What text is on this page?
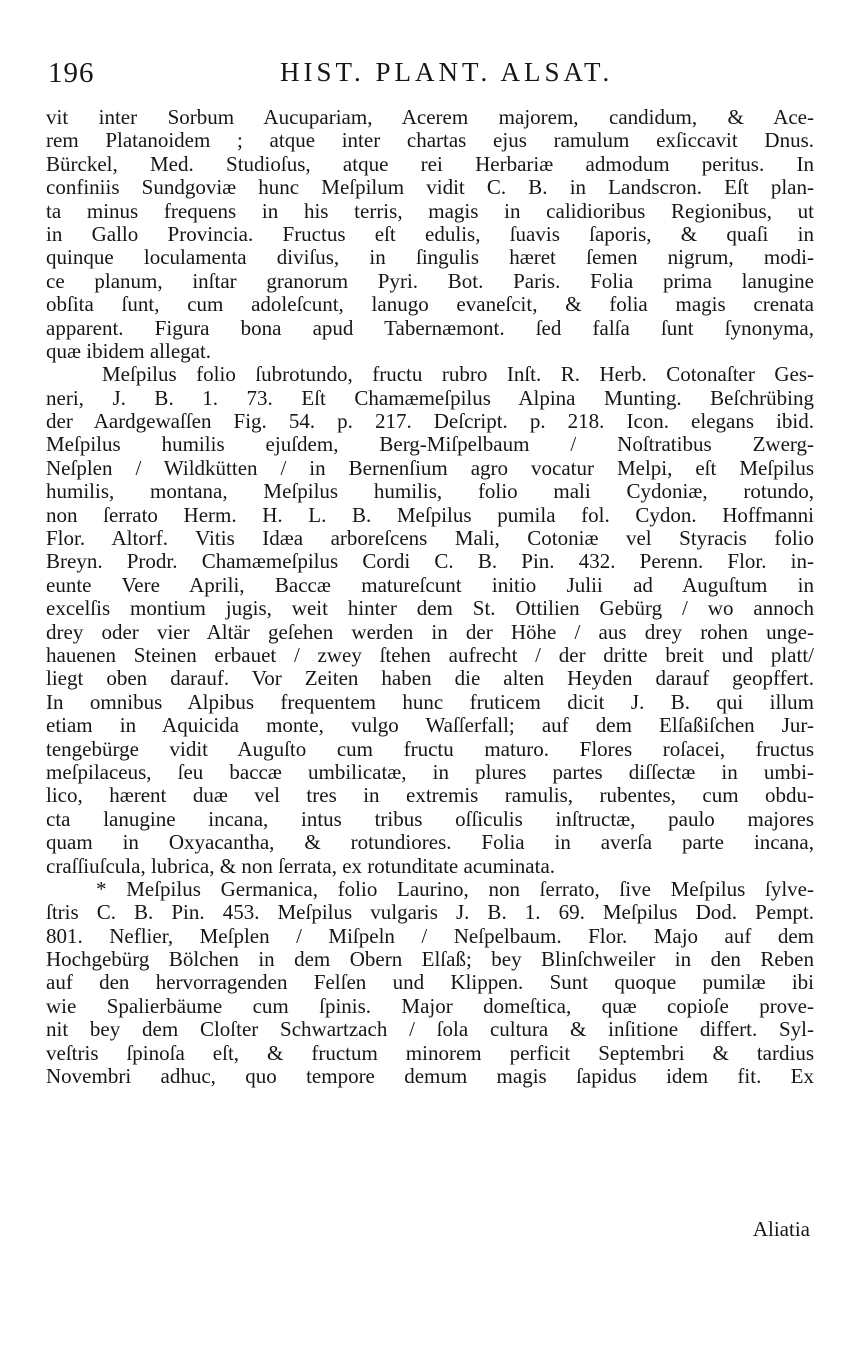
196	HIST. PLANT. ALSAT.
vit inter Sorbum Aucupariam, Acerem majorem, candidum, & Ace-
rem Platanoidem ; atque inter chartas ejus ramulum exſiccavit Dnus.
Bürckel, Med. Studioſus, atque rei Herbariæ admodum peritus. In
confiniis Sundgoviæ hunc Meſpilum vidit C. B. in Landscron. Eſt plan-
ta minus frequens in his terris, magis in calidioribus Regionibus, ut
in Gallo Provincia. Fructus eſt edulis, ſuavis ſaporis, & quaſi in
quinque loculamenta diviſus, in ſingulis hæret ſemen nigrum, modi-
ce planum, inſtar granorum Pyri. Bot. Paris. Folia prima lanugine
obſita ſunt, cum adoleſcunt, lanugo evaneſcit, & folia magis crenata
apparent. Figura bona apud Tabernæmont. ſed falſa ſunt ſynonyma,
quæ ibidem allegat.
Meſpilus folio ſubrotundo, fructu rubro Inſt. R. Herb. Cotonaſter Ges-
neri, J. B. 1. 73. Eſt Chamæmeſpilus Alpina Munting. Beſchrübing
der Aardgewaſſen Fig. 54. p. 217. Deſcript. p. 218. Icon. elegans ibid.
Meſpilus humilis ejuſdem, Berg-Miſpelbaum / Noſtratibus Zwerg-
Neſplen / Wildkütten / in Bernenſium agro vocatur Melpi, eſt Meſpilus
humilis, montana, Meſpilus humilis, folio mali Cydoniæ, rotundo,
non ſerrato Herm. H. L. B. Meſpilus pumila fol. Cydon. Hoffmanni
Flor. Altorf. Vitis Idæa arboreſcens Mali, Cotoniæ vel Styracis folio
Breyn. Prodr. Chamæmeſpilus Cordi C. B. Pin. 432. Perenn. Flor. in-
eunte Vere Aprili, Baccæ matureſcunt initio Julii ad Auguſtum in
excelſis montium jugis, weit hinter dem St. Ottilien Gebürg / wo annoch
drey oder vier Altär geſehen werden in der Höhe / aus drey rohen unge-
hauenen Steinen erbauet / zwey ſtehen aufrecht / der dritte breit und platt/
liegt oben darauf. Vor Zeiten haben die alten Heyden darauf geopffert.
In omnibus Alpibus frequentem hunc fruticem dicit J. B. qui illum
etiam in Aquicida monte, vulgo Waſſerfall; auf dem Elſaßiſchen Jur-
tengebürge vidit Auguſto cum fructu maturo. Flores roſacei, fructus
meſpilaceus, ſeu baccæ umbilicatæ, in plures partes diſſectæ in umbi-
lico, hærent duæ vel tres in extremis ramulis, rubentes, cum obdu-
cta lanugine incana, intus tribus oſſiculis inſtructæ, paulo majores
quam in Oxyacantha, & rotundiores. Folia in averſa parte incana,
craſſiuſcula, lubrica, & non ſerrata, ex rotunditate acuminata.
* Meſpilus Germanica, folio Laurino, non ſerrato, ſive Meſpilus ſylve-
ſtris C. B. Pin. 453. Meſpilus vulgaris J. B. 1. 69. Meſpilus Dod. Pempt.
801. Neflier, Meſplen / Miſpeln / Neſpelbaum. Flor. Majo auf dem
Hochgebürg Bölchen in dem Obern Elſaß; bey Blinſchweiler in den Reben
auf den hervorragenden Felſen und Klippen. Sunt quoque pumilæ ibi
wie Spalierbäume cum ſpinis. Major domeſtica, quæ copioſe prove-
nit bey dem Cloſter Schwartzach / ſola cultura & inſitione differt. Syl-
veſtris ſpinoſa eſt, & fructum minorem perficit Septembri & tardius
Novembri adhuc, quo tempore demum magis ſapidus idem fit. Ex
Aliatia
